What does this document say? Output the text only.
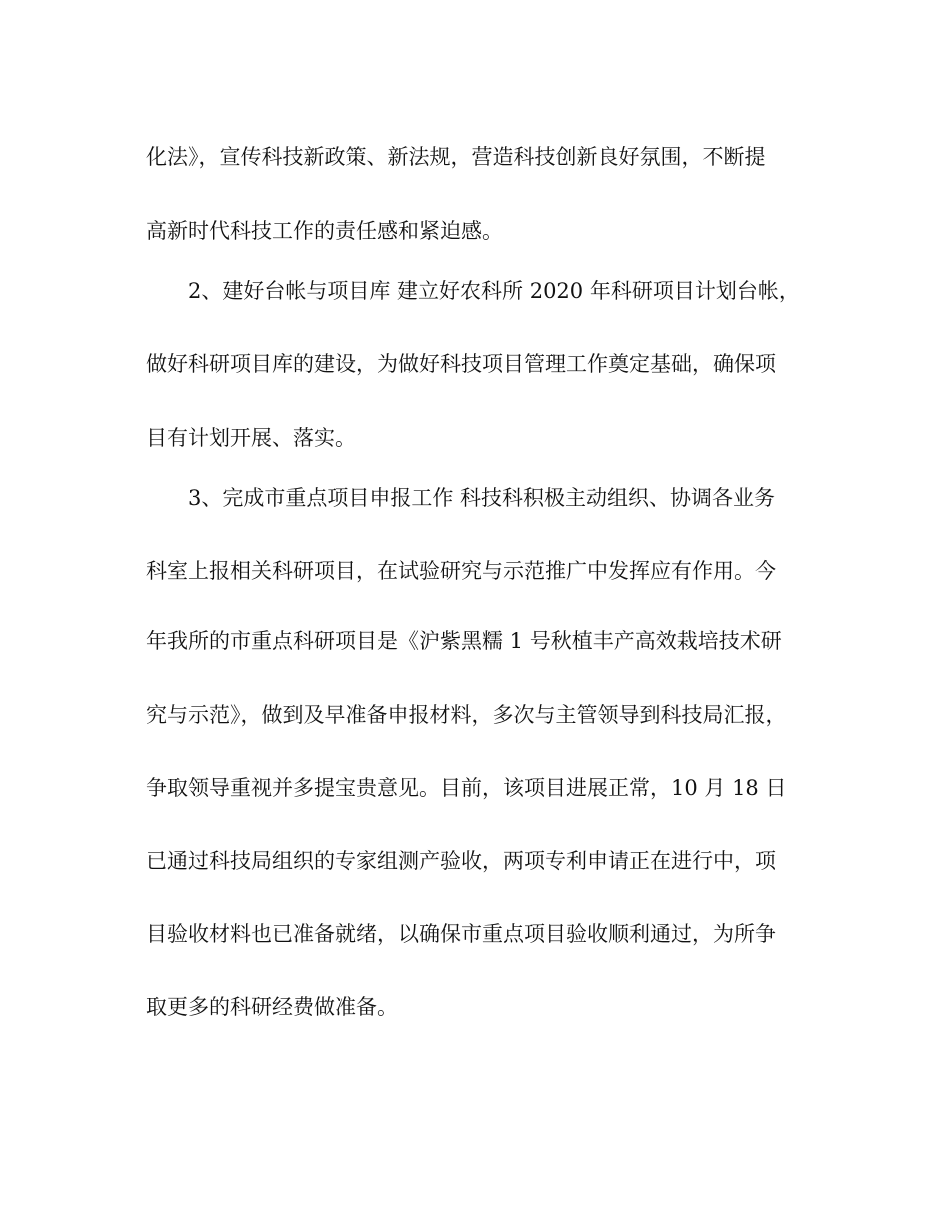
化法》，宣传科技新政策、新法规，营造科技创新良好氛围，不断提
高新时代科技工作的责任感和紧迫感。
2、建好台帐与项目库 建立好农科所 2020 年科研项目计划台帐，
做好科研项目库的建设，为做好科技项目管理工作奠定基础，确保项
目有计划开展、落实。
3、完成市重点项目申报工作 科技科积极主动组织、协调各业务
科室上报相关科研项目，在试验研究与示范推广中发挥应有作用。今
年我所的市重点科研项目是《沪紫黑糯 1 号秋植丰产高效栽培技术研
究与示范》，做到及早准备申报材料，多次与主管领导到科技局汇报，
争取领导重视并多提宝贵意见。目前，该项目进展正常，10 月 18 日
已通过科技局组织的专家组测产验收，两项专利申请正在进行中，项
目验收材料也已准备就绪，以确保市重点项目验收顺利通过，为所争
取更多的科研经费做准备。
